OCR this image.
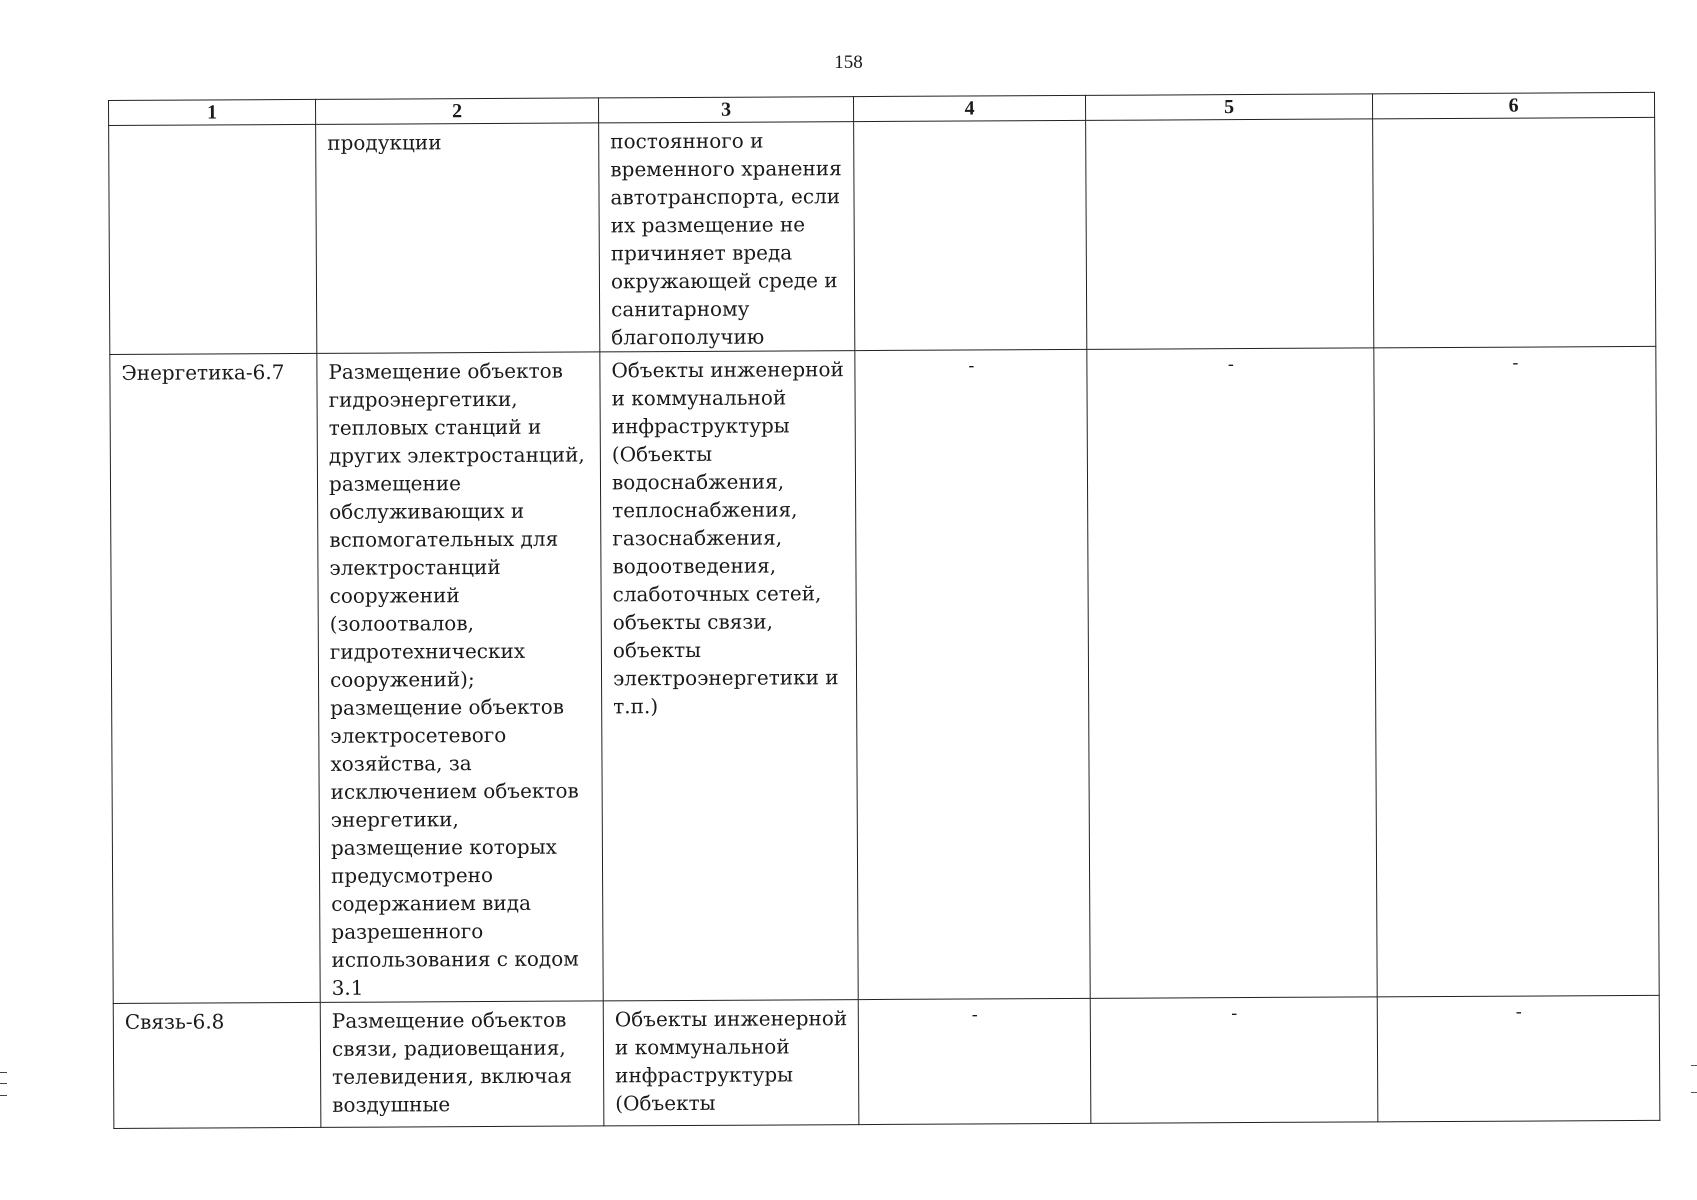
158
1	2	3	4	5	6
	продукции	постоянного и временного хранения автотранспорта, если их размещение не причиняет вреда окружающей среде и санитарному благополучию			
Энергетика-6.7	Размещение объектов гидроэнергетики, тепловых станций и других электростанций, размещение обслуживающих и вспомогательных для электростанций сооружений (золоотвалов, гидротехнических сооружений); размещение объектов электросетевого хозяйства, за исключением объектов энергетики, размещение которых предусмотрено содержанием вида разрешенного использования с кодом 3.1	Объекты инженерной и коммунальной инфраструктуры (Объекты водоснабжения, теплоснабжения, газоснабжения, водоотведения, слаботочных сетей, объекты связи, объекты электроэнергетики и т.п.)	-	-	-
Связь-6.8	Размещение объектов связи, радиовещания, телевидения, включая воздушные	Объекты инженерной и коммунальной инфраструктуры (Объекты	-	-	-
